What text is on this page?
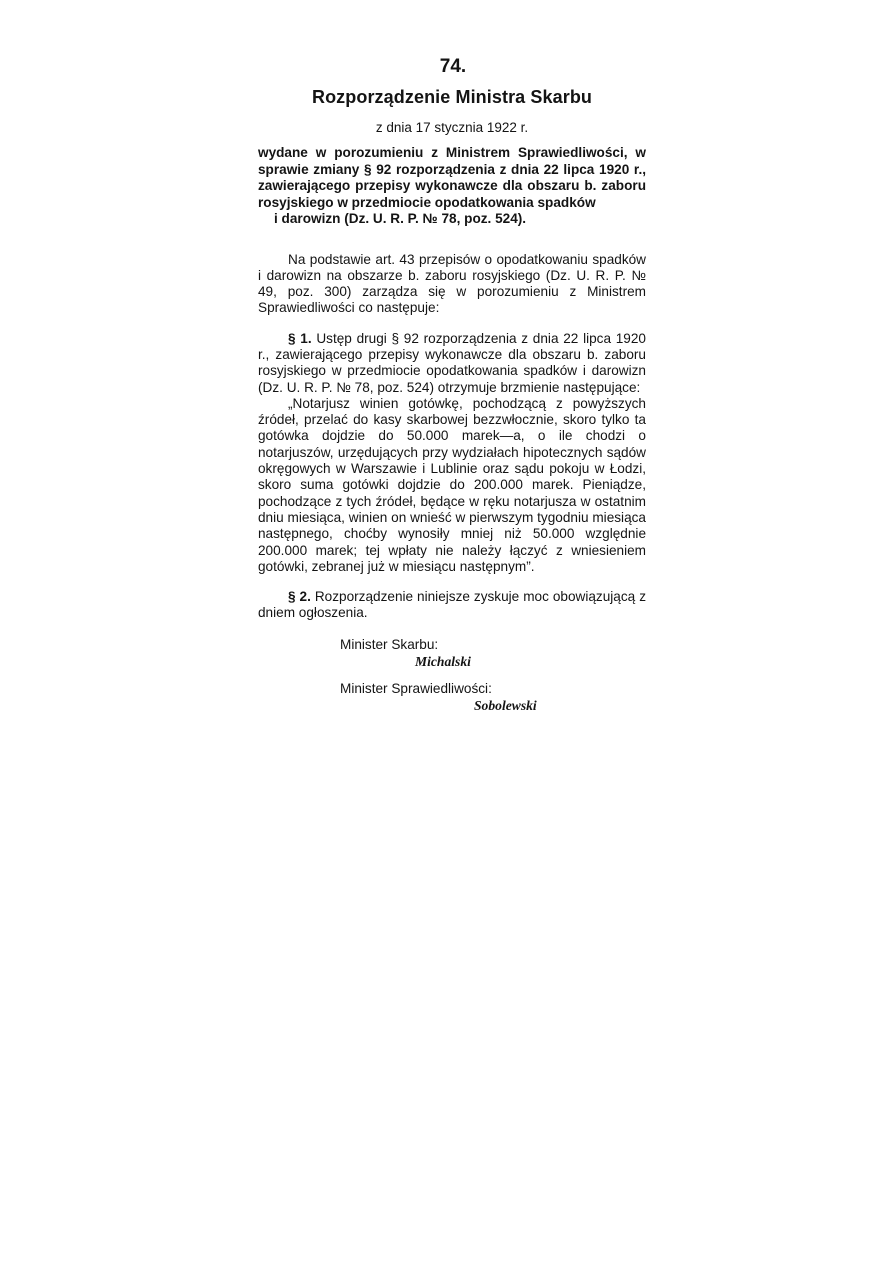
74.
Rozporządzenie Ministra Skarbu
z dnia 17 stycznia 1922 r.
wydane w porozumieniu z Ministrem Sprawiedliwości, w sprawie zmiany § 92 rozporządzenia z dnia 22 lipca 1920 r., zawierającego przepisy wykonawcze dla obszaru b. zaboru rosyjskiego w przedmiocie opodatkowania spadków
i darowizn (Dz. U. R. P. № 78, poz. 524).

Na podstawie art. 43 przepisów o opodatkowaniu spadków i darowizn na obszarze b. zaboru rosyjskiego (Dz. U. R. P. № 49, poz. 300) zarządza się w porozumieniu z Ministrem Sprawiedliwości co następuje:

§ 1. Ustęp drugi § 92 rozporządzenia z dnia 22 lipca 1920 r., zawierającego przepisy wykonawcze dla obszaru b. zaboru rosyjskiego w przedmiocie opodatkowania spadków i darowizn (Dz. U. R. P. № 78, poz. 524) otrzymuje brzmienie następujące:

„Notarjusz winien gotówkę, pochodzącą z powyższych źródeł, przelać do kasy skarbowej bezzwłocznie, skoro tylko ta gotówka dojdzie do 50.000 marek—a, o ile chodzi o notarjuszów, urzędujących przy wydziałach hipotecznych sądów okręgowych w Warszawie i Lublinie oraz sądu pokoju w Łodzi, skoro suma gotówki dojdzie do 200.000 marek. Pieniądze, pochodzące z tych źródeł, będące w ręku notarjusza w ostatnim dniu miesiąca, winien on wnieść w pierwszym tygodniu miesiąca następnego, choćby wynosiły mniej niż 50.000 względnie 200.000 marek; tej wpłaty nie należy łączyć z wniesieniem gotówki, zebranej już w miesiącu następnym”.

§ 2. Rozporządzenie niniejsze zyskuje moc obowiązującą z dniem ogłoszenia.

Minister Skarbu:
Michalski
Minister Sprawiedliwości:
Sobolewski
